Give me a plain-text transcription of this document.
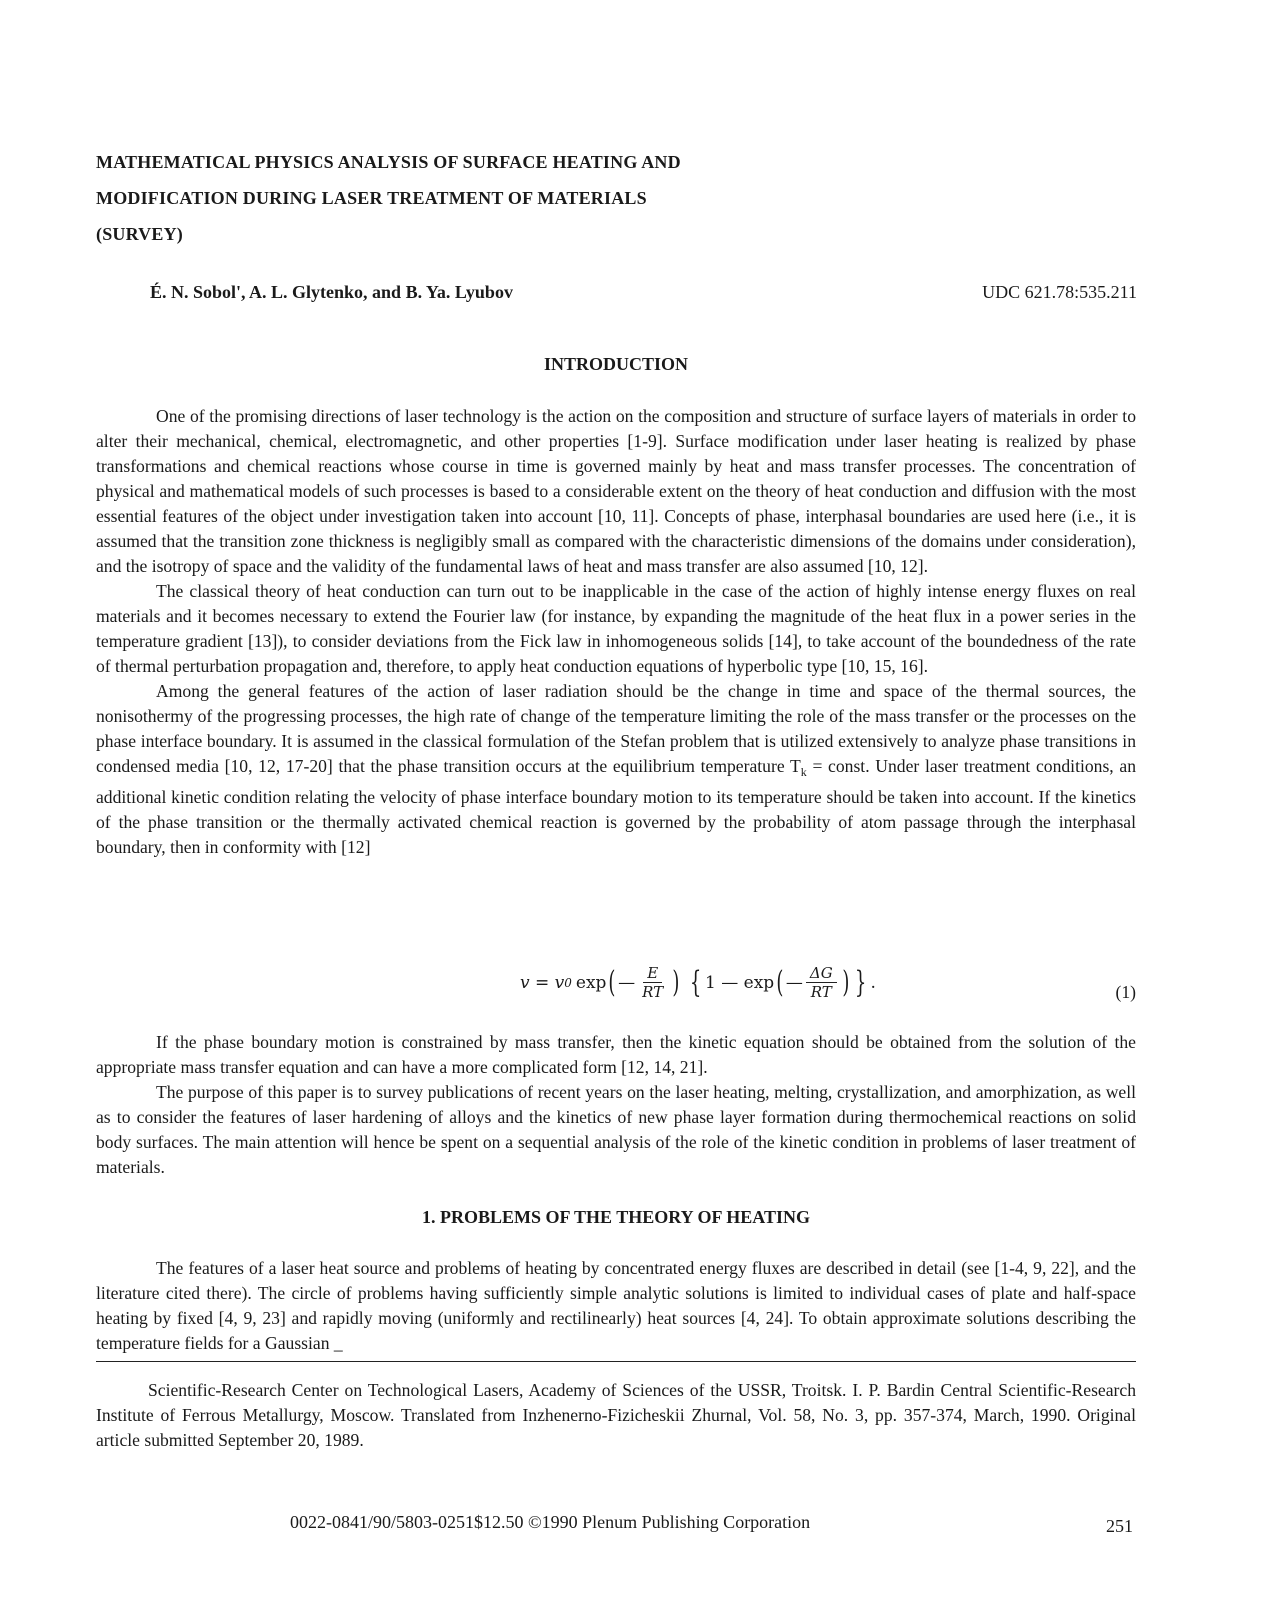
MATHEMATICAL PHYSICS ANALYSIS OF SURFACE HEATING AND
MODIFICATION DURING LASER TREATMENT OF MATERIALS
(SURVEY)
É. N. Sobol', A. L. Glytenko, and B. Ya. Lyubov	UDC 621.78:535.211
INTRODUCTION

One of the promising directions of laser technology is the action on the composition and structure of surface layers of materials in order to alter their mechanical, chemical, electromagnetic, and other properties [1-9]. Surface modification under laser heating is realized by phase transformations and chemical reactions whose course in time is governed mainly by heat and mass transfer processes. The concentration of physical and mathematical models of such processes is based to a considerable extent on the theory of heat conduction and diffusion with the most essential features of the object under investigation taken into account [10, 11]. Concepts of phase, interphasal boundaries are used here (i.e., it is assumed that the transition zone thickness is negligibly small as compared with the characteristic dimensions of the domains under consideration), and the isotropy of space and the validity of the fundamental laws of heat and mass transfer are also assumed [10, 12].

The classical theory of heat conduction can turn out to be inapplicable in the case of the action of highly intense energy fluxes on real materials and it becomes necessary to extend the Fourier law (for instance, by expanding the magnitude of the heat flux in a power series in the temperature gradient [13]), to consider deviations from the Fick law in inhomogeneous solids [14], to take account of the boundedness of the rate of thermal perturbation propagation and, therefore, to apply heat conduction equations of hyperbolic type [10, 15, 16].

Among the general features of the action of laser radiation should be the change in time and space of the thermal sources, the nonisothermy of the progressing processes, the high rate of change of the temperature limiting the role of the mass transfer or the processes on the phase interface boundary. It is assumed in the classical formulation of the Stefan problem that is utilized extensively to analyze phase transitions in condensed media [10, 12, 17-20] that the phase transition occurs at the equilibrium temperature $T_k$ = const. Under laser treatment conditions, an additional kinetic condition relating the velocity of phase interface boundary motion to its temperature should be taken into account. If the kinetics of the phase transition or the thermally activated chemical reaction is governed by the probability of atom passage through the interphasal boundary, then in conformity with [12]

v = v 0 exp ( — $\frac{E}{RT}$ ) { 1 — exp ( — $\frac{\Delta G}{RT}$ ) } .	(1)

If the phase boundary motion is constrained by mass transfer, then the kinetic equation should be obtained from the solution of the appropriate mass transfer equation and can have a more complicated form [12, 14, 21].

The purpose of this paper is to survey publications of recent years on the laser heating, melting, crystallization, and amorphization, as well as to consider the features of laser hardening of alloys and the kinetics of new phase layer formation during thermochemical reactions on solid body surfaces. The main attention will hence be spent on a sequential analysis of the role of the kinetic condition in problems of laser treatment of materials.

1. PROBLEMS OF THE THEORY OF HEATING

The features of a laser heat source and problems of heating by concentrated energy fluxes are described in detail (see [1-4, 9, 22], and the literature cited there). The circle of problems having sufficiently simple analytic solutions is limited to individual cases of plate and half-space heating by fixed [4, 9, 23] and rapidly moving (uniformly and rectilinearly) heat sources [4, 24]. To obtain approximate solutions describing the temperature fields for a Gaussian _

Scientific-Research Center on Technological Lasers, Academy of Sciences of the USSR, Troitsk. I. P. Bardin Central Scientific-Research Institute of Ferrous Metallurgy, Moscow. Translated from Inzhenerno-Fizicheskii Zhurnal, Vol. 58, No. 3, pp. 357-374, March, 1990. Original article submitted September 20, 1989.

0022-0841/90/5803-0251$12.50 ©1990 Plenum Publishing Corporation	251
